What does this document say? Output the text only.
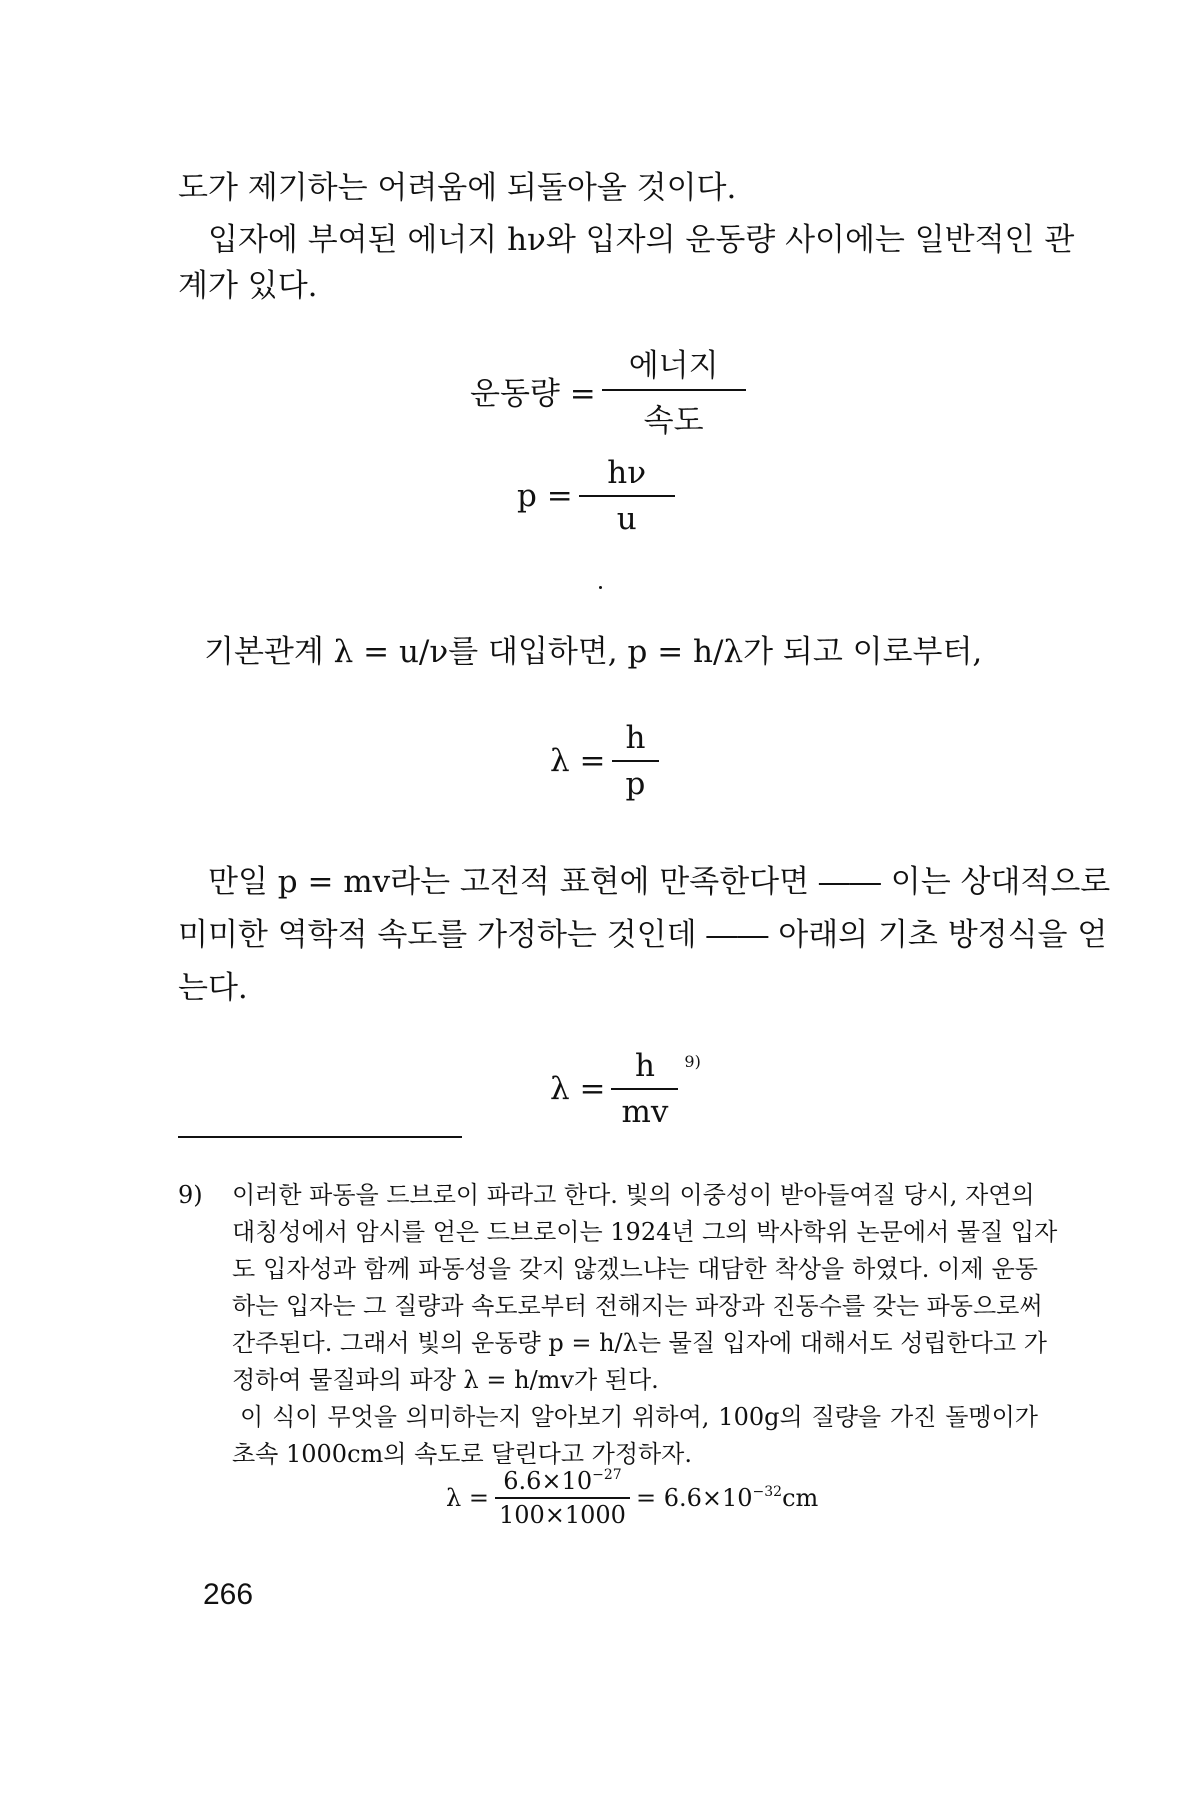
도가 제기하는 어려움에 되돌아올 것이다.
입자에 부여된 에너지 hν와 입자의 운동량 사이에는 일반적인 관
계가 있다.
운동량 = $\frac{\text{에너지}}{\text{속도}}$
$p = \frac{h\nu}{u}$
기본관계 λ = u/ν를 대입하면, p = h/λ가 되고 이로부터,
$\lambda = \frac{h}{p}$
만일 p = mv라는 고전적 표현에 만족한다면 ―― 이는 상대적으로
미미한 역학적 속도를 가정하는 것인데 ―― 아래의 기초 방정식을 얻
는다.
$\lambda = \frac{h}{mv} 9$)
9) 이러한 파동을 드브로이 파라고 한다. 빛의 이중성이 받아들여질 당시, 자연의
대칭성에서 암시를 얻은 드브로이는 1924년 그의 박사학위 논문에서 물질 입자
도 입자성과 함께 파동성을 갖지 않겠느냐는 대담한 착상을 하였다. 이제 운동
하는 입자는 그 질량과 속도로부터 전해지는 파장과 진동수를 갖는 파동으로써
간주된다. 그래서 빛의 운동량 p = h/λ는 물질 입자에 대해서도 성립한다고 가
정하여 물질파의 파장 λ = h/mv가 된다.
이 식이 무엇을 의미하는지 알아보기 위하여, 100g의 질량을 가진 돌멩이가
초속 1000cm의 속도로 달린다고 가정하자.
$\lambda = \frac{6.6\times 10^{-27}}{100\times 1000} = 6.6\times 10^{-32}cm$
266
